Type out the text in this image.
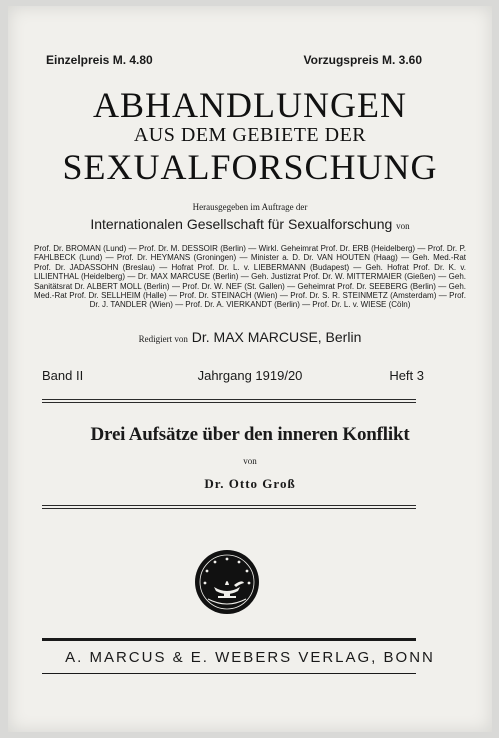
Einzelpreis M. 4.80	Vorzugspreis M. 3.60
ABHANDLUNGEN
AUS DEM GEBIETE DER
SEXUALFORSCHUNG
Herausgegeben im Auftrage der
Internationalen Gesellschaft für Sexualforschung von
Prof. Dr. BROMAN (Lund) — Prof. Dr. M. DESSOIR (Berlin) — Wirkl. Geheimrat Prof. Dr. ERB (Heidelberg) — Prof. Dr. P. FAHLBECK (Lund) — Prof. Dr. HEYMANS (Groningen) — Minister a. D. Dr. VAN HOUTEN (Haag) — Geh. Med.-Rat Prof. Dr. JADASSOHN (Breslau) — Hofrat Prof. Dr. L. v. LIEBERMANN (Budapest) — Geh. Hofrat Prof. Dr. K. v. LILIENTHAL (Heidelberg) — Dr. MAX MARCUSE (Berlin) — Geh. Justizrat Prof. Dr. W. MITTERMAIER (Gießen) — Geh. Sanitätsrat Dr. ALBERT MOLL (Berlin) — Prof. Dr. W. NEF (St. Gallen) — Geheimrat Prof. Dr. SEEBERG (Berlin) — Geh. Med.-Rat Prof. Dr. SELLHEIM (Halle) — Prof. Dr. STEINACH (Wien) — Prof. Dr. S. R. STEINMETZ (Amsterdam) — Prof. Dr. J. TANDLER (Wien) — Prof. Dr. A. VIERKANDT (Berlin) — Prof. Dr. L. v. WIESE (Cöln)
Redigiert von Dr. MAX MARCUSE, Berlin
Band II	Jahrgang 1919/20	Heft 3
Drei Aufsätze über den inneren Konflikt
von
Dr. Otto Groß
A. MARCUS & E. WEBERS VERLAG, BONN
